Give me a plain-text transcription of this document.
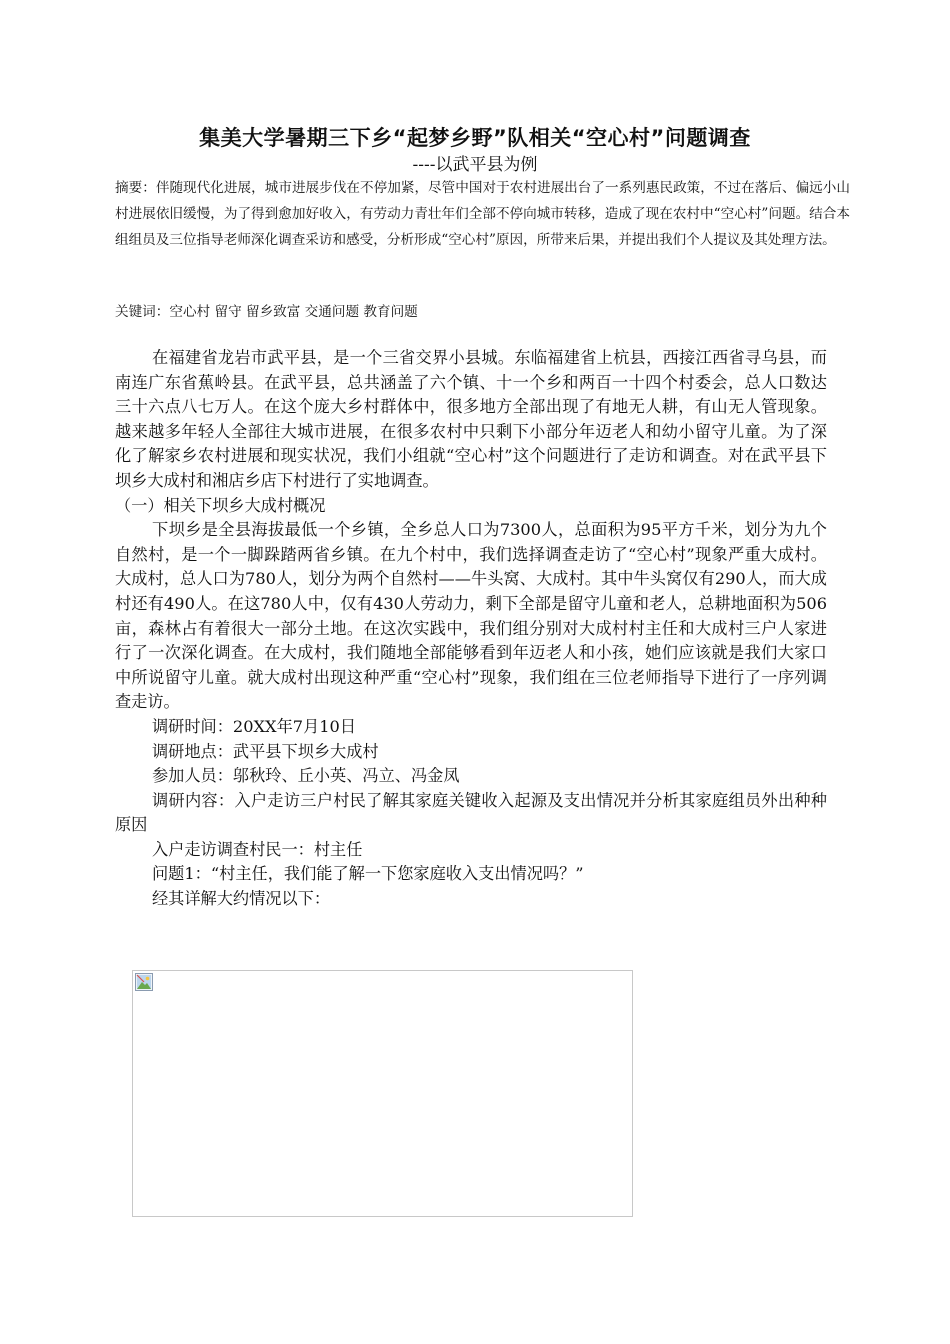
集美大学暑期三下乡“起梦乡野”队相关“空心村”问题调查
----以武平县为例
摘要：伴随现代化进展，城市进展步伐在不停加紧，尽管中国对于农村进展出台了一系列惠民政策，不过在落后、偏远小山村进展依旧缓慢，为了得到愈加好收入，有劳动力青壮年们全部不停向城市转移，造成了现在农村中“空心村”问题。结合本组组员及三位指导老师深化调查采访和感受，分析形成“空心村”原因，所带来后果，并提出我们个人提议及其处理方法。
关键词：空心村 留守 留乡致富 交通问题 教育问题

在福建省龙岩市武平县，是一个三省交界小县城。东临福建省上杭县，西接江西省寻乌县，而南连广东省蕉岭县。在武平县，总共涵盖了六个镇、十一个乡和两百一十四个村委会，总人口数达三十六点八七万人。在这个庞大乡村群体中，很多地方全部出现了有地无人耕，有山无人管现象。越来越多年轻人全部往大城市进展，在很多农村中只剩下小部分年迈老人和幼小留守儿童。为了深化了解家乡农村进展和现实状况，我们小组就“空心村”这个问题进行了走访和调查。对在武平县下坝乡大成村和湘店乡店下村进行了实地调查。

（一）相关下坝乡大成村概况

下坝乡是全县海拔最低一个乡镇，全乡总人口为7300人，总面积为95平方千米，划分为九个自然村，是一个一脚跺踏两省乡镇。在九个村中，我们选择调查走访了“空心村”现象严重大成村。大成村，总人口为780人，划分为两个自然村——牛头窝、大成村。其中牛头窝仅有290人，而大成村还有490人。在这780人中，仅有430人劳动力，剩下全部是留守儿童和老人，总耕地面积为506亩，森林占有着很大一部分土地。在这次实践中，我们组分别对大成村村主任和大成村三户人家进行了一次深化调查。在大成村，我们随地全部能够看到年迈老人和小孩，她们应该就是我们大家口中所说留守儿童。就大成村出现这种严重“空心村”现象，我们组在三位老师指导下进行了一序列调查走访。

调研时间：20XX年7月10日

调研地点：武平县下坝乡大成村

参加人员：邬秋玲、丘小英、冯立、冯金凤

调研内容：入户走访三户村民了解其家庭关键收入起源及支出情况并分析其家庭组员外出种种原因

入户走访调查村民一：村主任

问题1：“村主任，我们能了解一下您家庭收入支出情况吗？”

经其详解大约情况以下：
